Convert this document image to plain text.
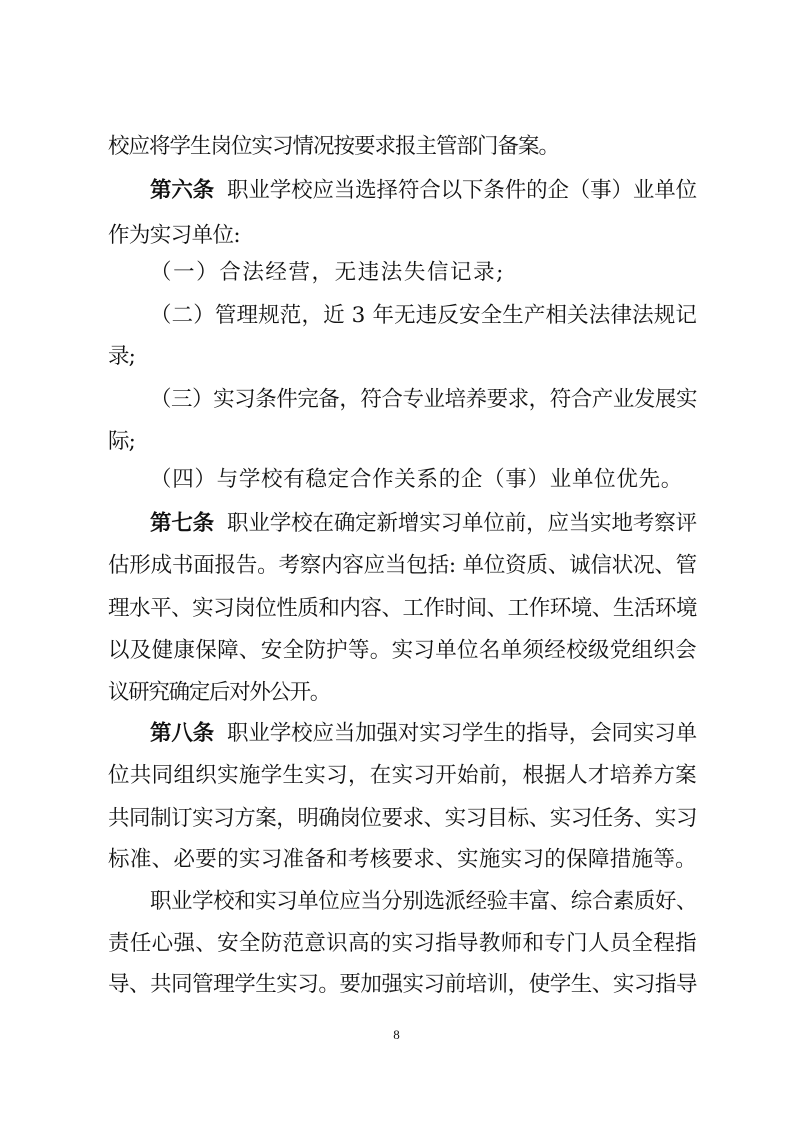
校应将学生岗位实习情况按要求报主管部门备案。
第六条 职业学校应当选择符合以下条件的企（事）业单位
作为实习单位:
（一）合法经营，无违法失信记录;
（二）管理规范，近 3 年无违反安全生产相关法律法规记
录;
（三）实习条件完备，符合专业培养要求，符合产业发展实
际;
（四）与学校有稳定合作关系的企（事）业单位优先。
第七条 职业学校在确定新增实习单位前，应当实地考察评
估形成书面报告。考察内容应当包括: 单位资质、诚信状况、管
理水平、实习岗位性质和内容、工作时间、工作环境、生活环境
以及健康保障、安全防护等。实习单位名单须经校级党组织会
议研究确定后对外公开。
第八条 职业学校应当加强对实习学生的指导，会同实习单
位共同组织实施学生实习，在实习开始前，根据人才培养方案
共同制订实习方案，明确岗位要求、实习目标、实习任务、实习
标准、必要的实习准备和考核要求、实施实习的保障措施等。
职业学校和实习单位应当分别选派经验丰富、综合素质好、
责任心强、安全防范意识高的实习指导教师和专门人员全程指
导、共同管理学生实习。要加强实习前培训，使学生、实习指导
8
